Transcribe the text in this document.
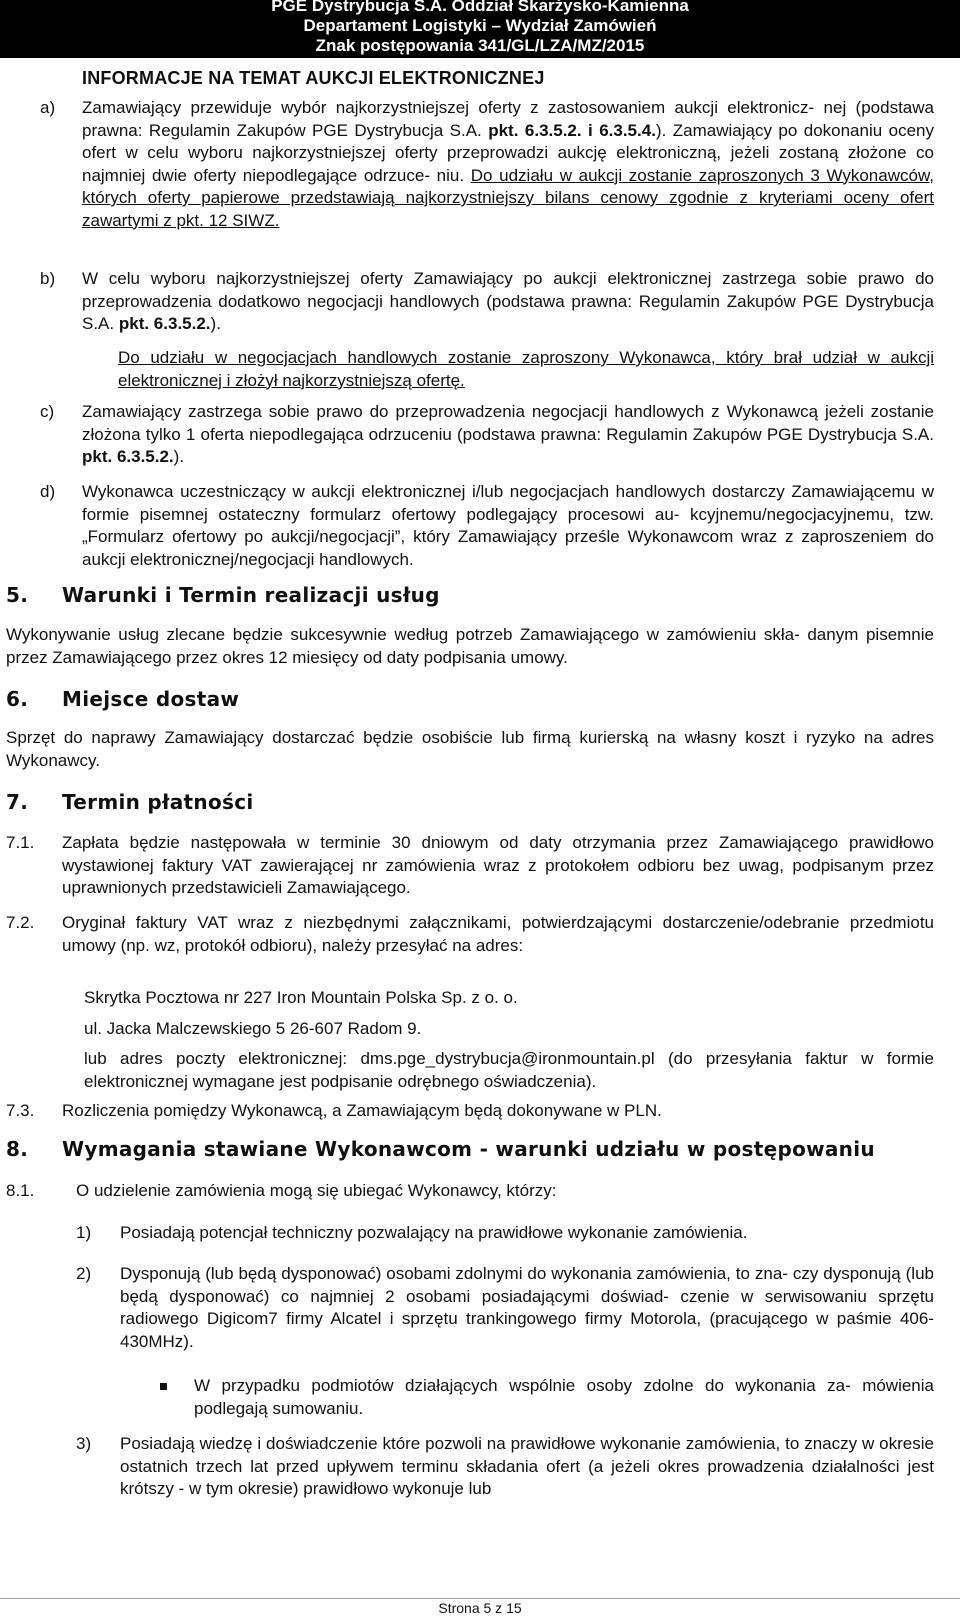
PGE Dystrybucja S.A. Oddział Skarżysko-Kamienna
Departament Logistyki – Wydział Zamówień
Znak postępowania 341/GL/LZA/MZ/2015
INFORMACJE NA TEMAT AUKCJI ELEKTRONICZNEJ
a) Zamawiający przewiduje wybór najkorzystniejszej oferty z zastosowaniem aukcji elektronicz- nej (podstawa prawna: Regulamin Zakupów PGE Dystrybucja S.A. pkt. 6.3.5.2. i 6.3.5.4.). Zamawiający po dokonaniu oceny ofert w celu wyboru najkorzystniejszej oferty przeprowadzi aukcję elektroniczną, jeżeli zostaną złożone co najmniej dwie oferty niepodlegające odrzuce- niu. Do udziału w aukcji zostanie zaproszonych 3 Wykonawców, których oferty papierowe przedstawiają najkorzystniejszy bilans cenowy zgodnie z kryteriami oceny ofert zawartymi z pkt. 12 SIWZ.

b) W celu wyboru najkorzystniejszej oferty Zamawiający po aukcji elektronicznej zastrzega sobie prawo do przeprowadzenia dodatkowo negocjacji handlowych (podstawa prawna: Regulamin Zakupów PGE Dystrybucja S.A. pkt. 6.3.5.2.).

Do udziału w negocjacjach handlowych zostanie zaproszony Wykonawca, który brał udział w aukcji elektronicznej i złożył najkorzystniejszą ofertę.

c) Zamawiający zastrzega sobie prawo do przeprowadzenia negocjacji handlowych z Wykonawcą jeżeli zostanie złożona tylko 1 oferta niepodlegająca odrzuceniu (podstawa prawna: Regulamin Zakupów PGE Dystrybucja S.A. pkt. 6.3.5.2.).

d) Wykonawca uczestniczący w aukcji elektronicznej i/lub negocjacjach handlowych dostarczy Zamawiającemu w formie pisemnej ostateczny formularz ofertowy podlegający procesowi au- kcyjnemu/negocjacyjnemu, tzw. „Formularz ofertowy po aukcji/negocjacji”, który Zamawiający prześle Wykonawcom wraz z zaproszeniem do aukcji elektronicznej/negocjacji handlowych.

5. Warunki i Termin realizacji usług

Wykonywanie usług zlecane będzie sukcesywnie według potrzeb Zamawiającego w zamówieniu skła- danym pisemnie przez Zamawiającego przez okres 12 miesięcy od daty podpisania umowy.

6. Miejsce dostaw

Sprzęt do naprawy Zamawiający dostarczać będzie osobiście lub firmą kurierską na własny koszt i ryzyko na adres Wykonawcy.

7. Termin płatności
7.1. Zapłata będzie następowała w terminie 30 dniowym od daty otrzymania przez Zamawiającego prawidłowo wystawionej faktury VAT zawierającej nr zamówienia wraz z protokołem odbioru bez uwag, podpisanym przez uprawnionych przedstawicieli Zamawiającego.

7.2. Oryginał faktury VAT wraz z niezbędnymi załącznikami, potwierdzającymi dostarczenie/odebranie przedmiotu umowy (np. wz, protokół odbioru), należy przesyłać na adres:

Skrytka Pocztowa nr 227 Iron Mountain Polska Sp. z o. o.
ul. Jacka Malczewskiego 5 26-607 Radom 9.

lub adres poczty elektronicznej: dms.pge_dystrybucja@ironmountain.pl (do przesyłania faktur w formie elektronicznej wymagane jest podpisanie odrębnego oświadczenia).

7.3. Rozliczenia pomiędzy Wykonawcą, a Zamawiającym będą dokonywane w PLN.

8. Wymagania stawiane Wykonawcom - warunki udziału w postępowaniu
8.1. O udzielenie zamówienia mogą się ubiegać Wykonawcy, którzy:

1) Posiadają potencjał techniczny pozwalający na prawidłowe wykonanie zamówienia.

2) Dysponują (lub będą dysponować) osobami zdolnymi do wykonania zamówienia, to zna- czy dysponują (lub będą dysponować) co najmniej 2 osobami posiadającymi doświad- czenie w serwisowaniu sprzętu radiowego Digicom7 firmy Alcatel i sprzętu trankingowego firmy Motorola, (pracującego w paśmie 406-430MHz).

W przypadku podmiotów działających wspólnie osoby zdolne do wykonania za- mówienia podlegają sumowaniu.

3) Posiadają wiedzę i doświadczenie które pozwoli na prawidłowe wykonanie zamówienia, to znaczy w okresie ostatnich trzech lat przed upływem terminu składania ofert (a jeżeli okres prowadzenia działalności jest krótszy - w tym okresie) prawidłowo wykonuje lub

Strona 5 z 15
